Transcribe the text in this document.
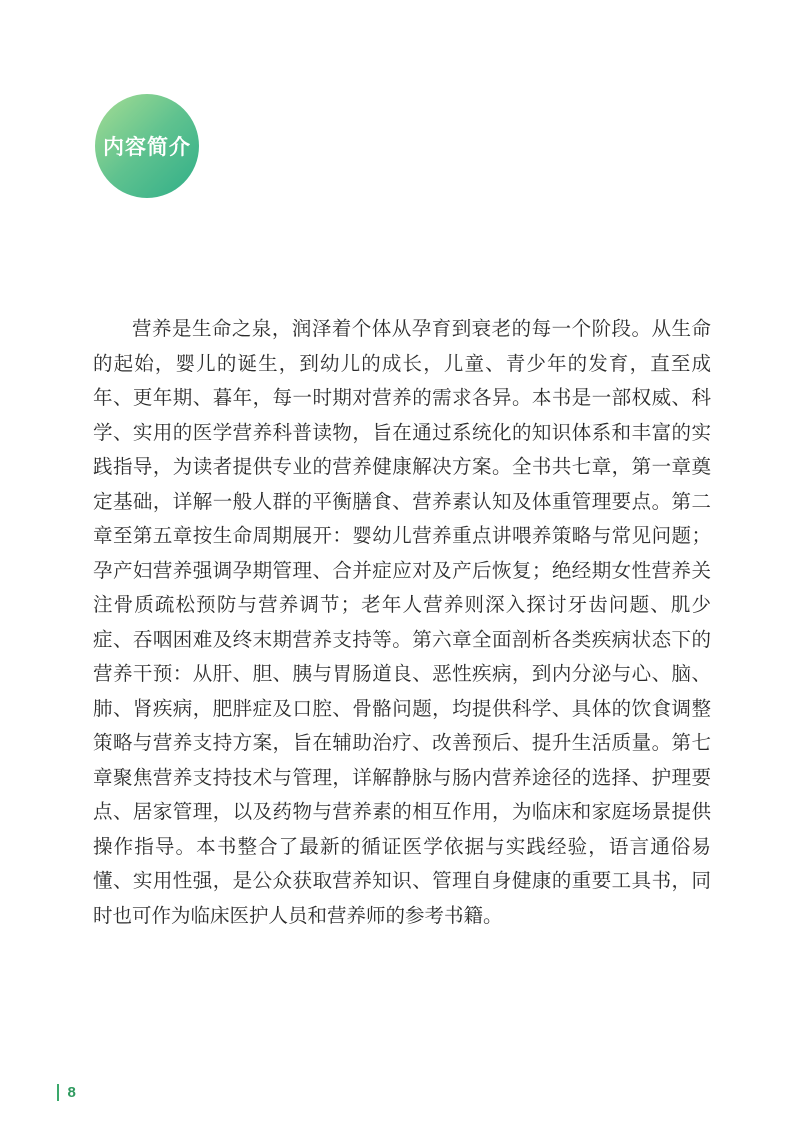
内容简介

营养是生命之泉，润泽着个体从孕育到衰老的每一个阶段。从生命的起始，婴儿的诞生，到幼儿的成长，儿童、青少年的发育，直至成年、更年期、暮年，每一时期对营养的需求各异。本书是一部权威、科学、实用的医学营养科普读物，旨在通过系统化的知识体系和丰富的实践指导，为读者提供专业的营养健康解决方案。全书共七章，第一章奠定基础，详解一般人群的平衡膳食、营养素认知及体重管理要点。第二章至第五章按生命周期展开：婴幼儿营养重点讲喂养策略与常见问题；孕产妇营养强调孕期管理、合并症应对及产后恢复；绝经期女性营养关注骨质疏松预防与营养调节；老年人营养则深入探讨牙齿问题、肌少症、吞咽困难及终末期营养支持等。第六章全面剖析各类疾病状态下的营养干预：从肝、胆、胰与胃肠道良、恶性疾病，到内分泌与心、脑、肺、肾疾病，肥胖症及口腔、骨骼问题，均提供科学、具体的饮食调整策略与营养支持方案，旨在辅助治疗、改善预后、提升生活质量。第七章聚焦营养支持技术与管理，详解静脉与肠内营养途径的选择、护理要点、居家管理，以及药物与营养素的相互作用，为临床和家庭场景提供操作指导。本书整合了最新的循证医学依据与实践经验，语言通俗易懂、实用性强，是公众获取营养知识、管理自身健康的重要工具书，同时也可作为临床医护人员和营养师的参考书籍。

8
